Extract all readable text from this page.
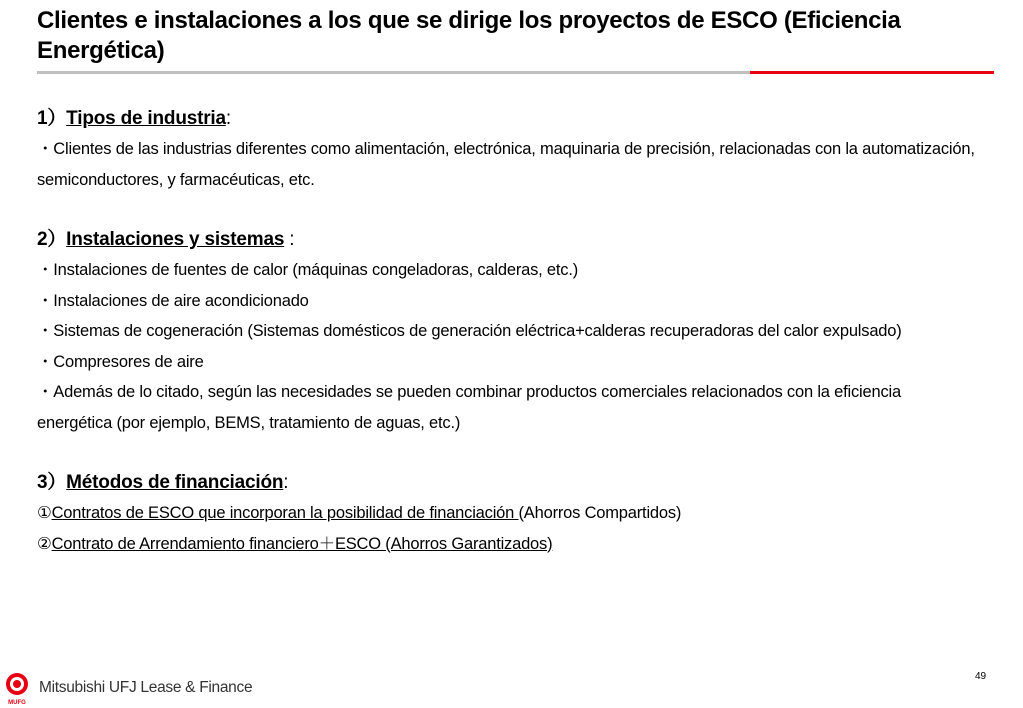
Clientes e instalaciones a los que se dirige los proyectos de ESCO (Eficiencia Energética)
1）Tipos de industria:
・Clientes de las industrias diferentes como alimentación, electrónica, maquinaria de precisión, relacionadas con la automatización, semiconductores, y farmacéuticas, etc.
2）Instalaciones y sistemas :
・Instalaciones de fuentes de calor (máquinas congeladoras, calderas, etc.)
・Instalaciones de aire acondicionado
・Sistemas de cogeneración (Sistemas domésticos de generación eléctrica+calderas recuperadoras del calor expulsado)
・Compresores de aire
・Además de lo citado, según las necesidades se pueden combinar productos comerciales relacionados con la eficiencia energética (por ejemplo, BEMS, tratamiento de aguas, etc.)
3）Métodos de financiación:
①Contratos de ESCO que incorporan la posibilidad de financiación (Ahorros Compartidos)
②Contrato de Arrendamiento financiero＋ESCO (Ahorros Garantizados)
MUFG
Mitsubishi UFJ Lease & Finance
49
